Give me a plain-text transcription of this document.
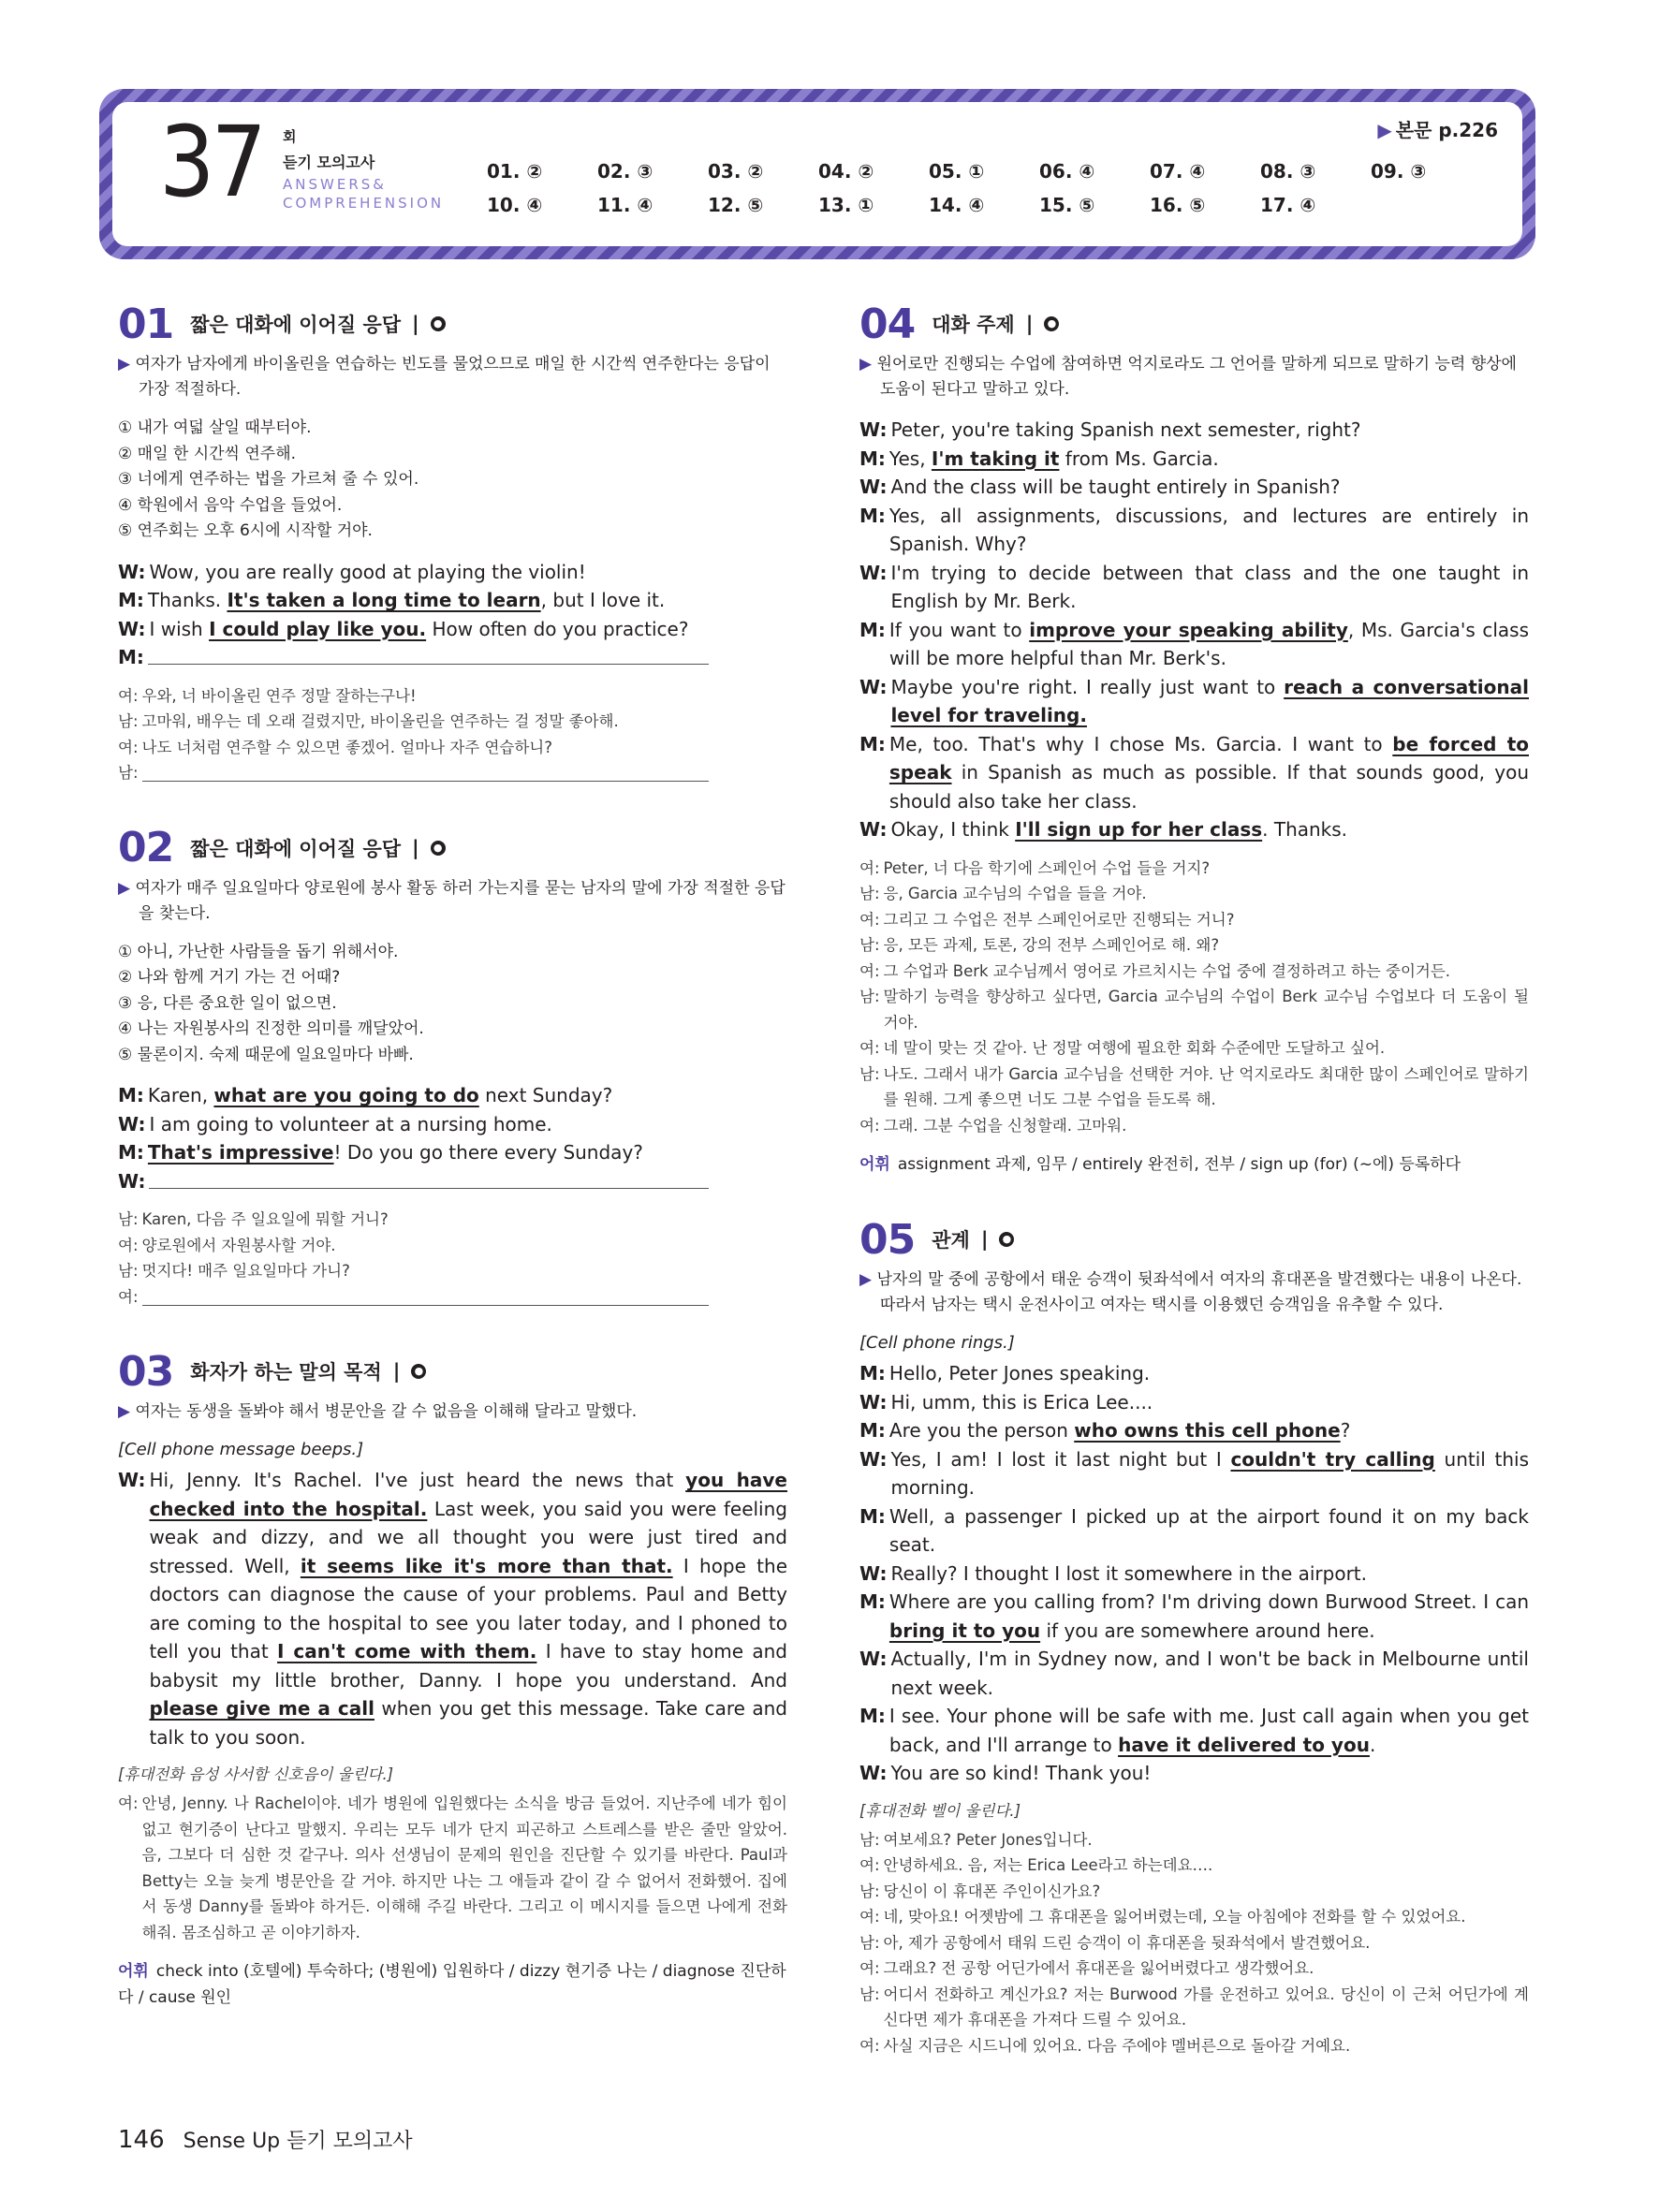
37 회
듣기 모의고사
ANSWERS&
COMPREHENSION
▶ 본문 p.226
01. ②	02. ③	03. ②	04. ②	05. ①	06. ④	07. ④	08. ③	09. ③
10. ④	11. ④	12. ⑤	13. ①	14. ④	15. ⑤	16. ⑤	17. ④
01 짧은 대화에 이어질 응답 | ●
▶ 여자가 남자에게 바이올린을 연습하는 빈도를 물었으므로 매일 한 시간씩 연주한다는 응답이 가장 적절하다.
① 내가 여덟 살일 때부터야.
② 매일 한 시간씩 연주해.
③ 너에게 연주하는 법을 가르쳐 줄 수 있어.
④ 학원에서 음악 수업을 들었어.
⑤ 연주회는 오후 6시에 시작할 거야.
W: Wow, you are really good at playing the violin!
M: Thanks. It's taken a long time to learn, but I love it.
W: I wish I could play like you. How often do you practice?
M:
여: 우와, 너 바이올린 연주 정말 잘하는구나!
남: 고마워, 배우는 데 오래 걸렸지만, 바이올린을 연주하는 걸 정말 좋아해.
여: 나도 너처럼 연주할 수 있으면 좋겠어. 얼마나 자주 연습하니?
남:
02 짧은 대화에 이어질 응답 | ●
▶ 여자가 매주 일요일마다 양로원에 봉사 활동 하러 가는지를 묻는 남자의 말에 가장 적절한 응답을 찾는다.
① 아니, 가난한 사람들을 돕기 위해서야.
② 나와 함께 거기 가는 건 어때?
③ 응, 다른 중요한 일이 없으면.
④ 나는 자원봉사의 진정한 의미를 깨달았어.
⑤ 물론이지. 숙제 때문에 일요일마다 바빠.
M: Karen, what are you going to do next Sunday?
W: I am going to volunteer at a nursing home.
M: That's impressive! Do you go there every Sunday?
W:
남: Karen, 다음 주 일요일에 뭐할 거니?
여: 양로원에서 자원봉사할 거야.
남: 멋지다! 매주 일요일마다 가니?
여:
03 화자가 하는 말의 목적 | ●
▶ 여자는 동생을 돌봐야 해서 병문안을 갈 수 없음을 이해해 달라고 말했다.
[Cell phone message beeps.]
W: Hi, Jenny. It's Rachel. I've just heard the news that you have checked into the hospital. Last week, you said you were feeling weak and dizzy, and we all thought you were just tired and stressed. Well, it seems like it's more than that. I hope the doctors can diagnose the cause of your problems. Paul and Betty are coming to the hospital to see you later today, and I phoned to tell you that I can't come with them. I have to stay home and babysit my little brother, Danny. I hope you understand. And please give me a call when you get this message. Take care and talk to you soon.
[휴대전화 음성 사서함 신호음이 울린다.]
여: 안녕, Jenny. 나 Rachel이야. 네가 병원에 입원했다는 소식을 방금 들었어. 지난주에 네가 힘이 없고 현기증이 난다고 말했지. 우리는 모두 네가 단지 피곤하고 스트레스를 받은 줄만 알았어. 음, 그보다 더 심한 것 같구나. 의사 선생님이 문제의 원인을 진단할 수 있기를 바란다. Paul과 Betty는 오늘 늦게 병문안을 갈 거야. 하지만 나는 그 애들과 같이 갈 수 없어서 전화했어. 집에서 동생 Danny를 돌봐야 하거든. 이해해 주길 바란다. 그리고 이 메시지를 들으면 나에게 전화해줘. 몸조심하고 곧 이야기하자.
어휘 check into (호텔에) 투숙하다; (병원에) 입원하다 / dizzy 현기증 나는 / diagnose 진단하다 / cause 원인
04 대화 주제 | ●
▶ 원어로만 진행되는 수업에 참여하면 억지로라도 그 언어를 말하게 되므로 말하기 능력 향상에 도움이 된다고 말하고 있다.
W: Peter, you're taking Spanish next semester, right?
M: Yes, I'm taking it from Ms. Garcia.
W: And the class will be taught entirely in Spanish?
M: Yes, all assignments, discussions, and lectures are entirely in Spanish. Why?
W: I'm trying to decide between that class and the one taught in English by Mr. Berk.
M: If you want to improve your speaking ability, Ms. Garcia's class will be more helpful than Mr. Berk's.
W: Maybe you're right. I really just want to reach a conversational level for traveling.
M: Me, too. That's why I chose Ms. Garcia. I want to be forced to speak in Spanish as much as possible. If that sounds good, you should also take her class.
W: Okay, I think I'll sign up for her class. Thanks.
여: Peter, 너 다음 학기에 스페인어 수업 들을 거지?
남: 응, Garcia 교수님의 수업을 들을 거야.
여: 그리고 그 수업은 전부 스페인어로만 진행되는 거니?
남: 응, 모든 과제, 토론, 강의 전부 스페인어로 해. 왜?
여: 그 수업과 Berk 교수님께서 영어로 가르치시는 수업 중에 결정하려고 하는 중이거든.
남: 말하기 능력을 향상하고 싶다면, Garcia 교수님의 수업이 Berk 교수님 수업보다 더 도움이 될 거야.
여: 네 말이 맞는 것 같아. 난 정말 여행에 필요한 회화 수준에만 도달하고 싶어.
남: 나도. 그래서 내가 Garcia 교수님을 선택한 거야. 난 억지로라도 최대한 많이 스페인어로 말하기를 원해. 그게 좋으면 너도 그분 수업을 듣도록 해.
여: 그래. 그분 수업을 신청할래. 고마워.
어휘 assignment 과제, 임무 / entirely 완전히, 전부 / sign up (for) (~에) 등록하다
05 관계 | ●
▶ 남자의 말 중에 공항에서 태운 승객이 뒷좌석에서 여자의 휴대폰을 발견했다는 내용이 나온다. 따라서 남자는 택시 운전사이고 여자는 택시를 이용했던 승객임을 유추할 수 있다.
[Cell phone rings.]
M: Hello, Peter Jones speaking.
W: Hi, umm, this is Erica Lee....
M: Are you the person who owns this cell phone?
W: Yes, I am! I lost it last night but I couldn't try calling until this morning.
M: Well, a passenger I picked up at the airport found it on my back seat.
W: Really? I thought I lost it somewhere in the airport.
M: Where are you calling from? I'm driving down Burwood Street. I can bring it to you if you are somewhere around here.
W: Actually, I'm in Sydney now, and I won't be back in Melbourne until next week.
M: I see. Your phone will be safe with me. Just call again when you get back, and I'll arrange to have it delivered to you.
W: You are so kind! Thank you!
[휴대전화 벨이 울린다.]
남: 여보세요? Peter Jones입니다.
여: 안녕하세요. 음, 저는 Erica Lee라고 하는데요….
남: 당신이 이 휴대폰 주인이신가요?
여: 네, 맞아요! 어젯밤에 그 휴대폰을 잃어버렸는데, 오늘 아침에야 전화를 할 수 있었어요.
남: 아, 제가 공항에서 태워 드린 승객이 이 휴대폰을 뒷좌석에서 발견했어요.
여: 그래요? 전 공항 어딘가에서 휴대폰을 잃어버렸다고 생각했어요.
남: 어디서 전화하고 계신가요? 저는 Burwood 가를 운전하고 있어요. 당신이 이 근처 어딘가에 계신다면 제가 휴대폰을 가져다 드릴 수 있어요.
여: 사실 지금은 시드니에 있어요. 다음 주에야 멜버른으로 돌아갈 거예요.
146 Sense Up 듣기 모의고사
